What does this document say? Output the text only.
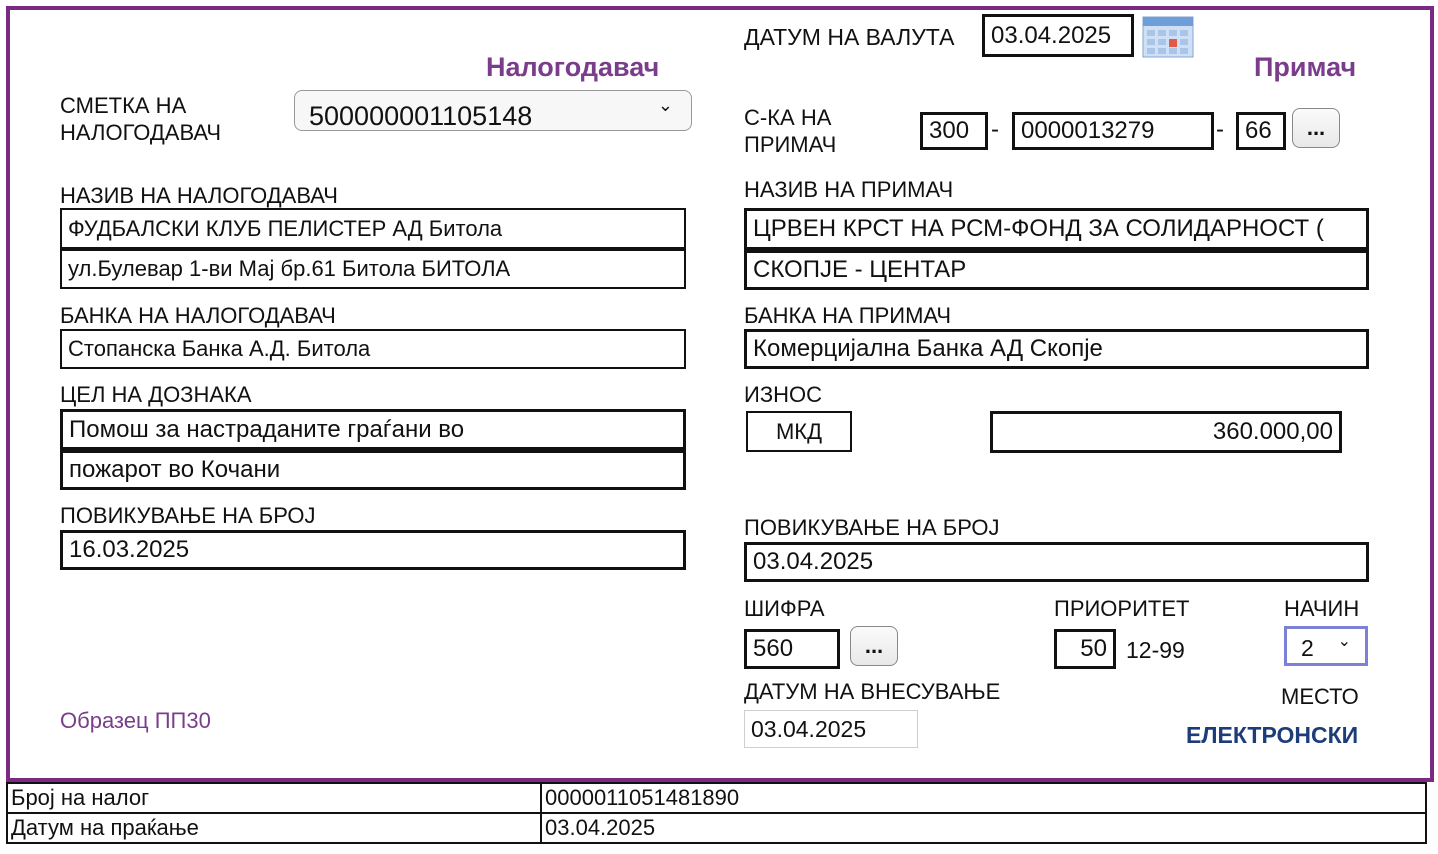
Налогодавач
СМЕТКА НА
НАЛОГОДАВАЧ
500000001105148	⌄
НАЗИВ НА НАЛОГОДАВАЧ
ФУДБАЛСКИ КЛУБ ПЕЛИСТЕР АД Битола
ул.Булевар 1-ви Мај бр.61 Битола БИТОЛА
БАНКА НА НАЛОГОДАВАЧ
Стопанска Банка А.Д. Битола
ЦЕЛ НА ДОЗНАКА
Помош за настраданите граѓани во
пожарот во Кочани
ПОВИКУВАЊЕ НА БРОЈ
16.03.2025
Образец ПП30
ДАТУМ НА ВАЛУТА	03.04.2025
Прима​ч
С-КА НА
ПРИМАЧ
300 - 0000013279	- 66	...
НАЗИВ НА ПРИМАЧ
ЦРВЕН КРСТ НА РСМ-ФОНД ЗА СОЛИДАРНОСТ (
СКОПЈЕ - ЦЕНТАР
БАНКА НА ПРИМАЧ
Комерцијална Банка АД Скопје
ИЗНОС
МКД	360.000,00
ПОВИКУВАЊЕ НА БРОЈ
03.04.2025
ШИФРА
560	...
ПРИОРИТЕТ
50 12-99
НАЧИН
2 ⌄
ДАТУМ НА ВНЕСУВАЊЕ
03.04.2025
МЕСТО
ЕЛЕКТРОНСКИ
Број на налог	0000011051481890
Датум на праќање	03.04.2025
